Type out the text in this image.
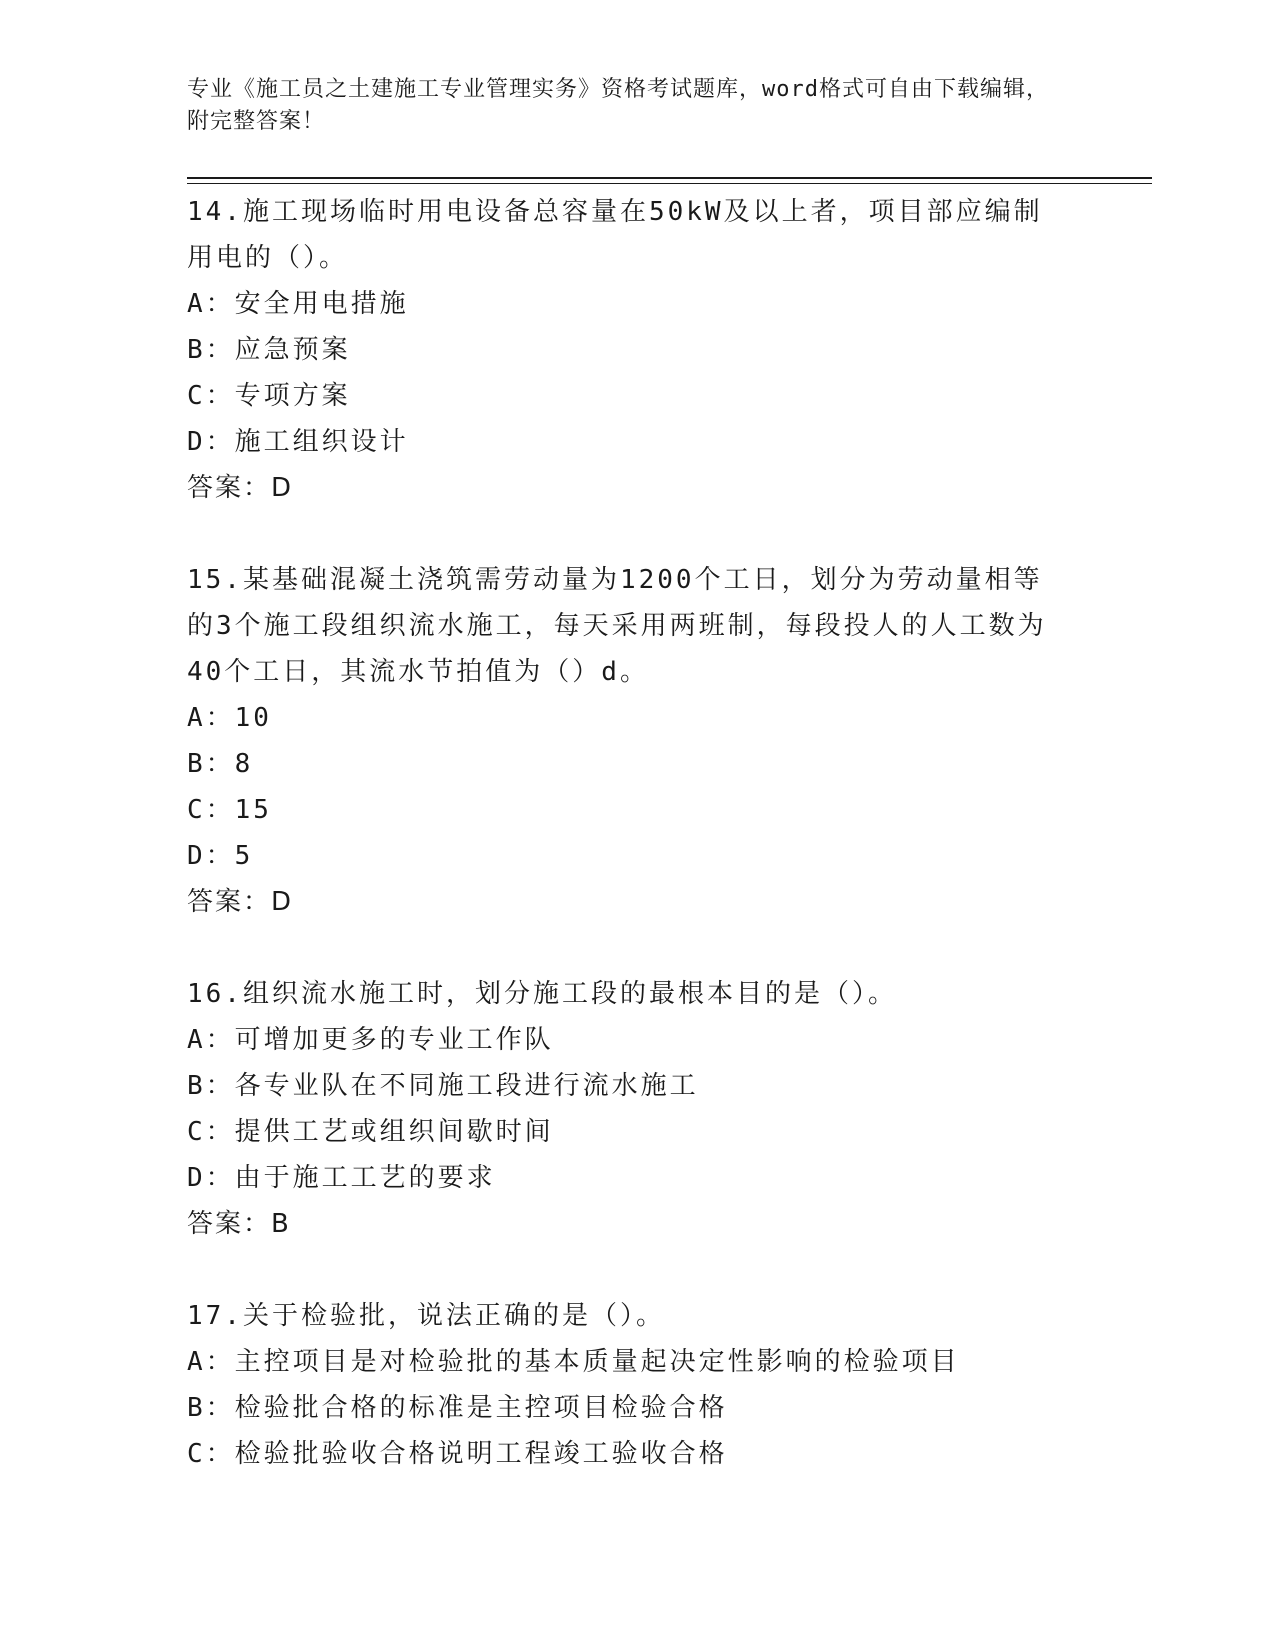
专业《施工员之土建施工专业管理实务》资格考试题库，word格式可自由下载编辑，附完整答案！
14.施工现场临时用电设备总容量在50kW及以上者，项目部应编制用电的（）。
A：安全用电措施
B：应急预案
C：专项方案
D：施工组织设计
答案：D
15.某基础混凝土浇筑需劳动量为1200个工日，划分为劳动量相等的3个施工段组织流水施工，每天采用两班制，每段投人的人工数为40个工日，其流水节拍值为（）d。
A：10
B：8
C：15
D：5
答案：D
16.组织流水施工时，划分施工段的最根本目的是（）。
A：可增加更多的专业工作队
B：各专业队在不同施工段进行流水施工
C：提供工艺或组织间歇时间
D：由于施工工艺的要求
答案：B
17.关于检验批，说法正确的是（）。
A：主控项目是对检验批的基本质量起决定性影响的检验项目
B：检验批合格的标准是主控项目检验合格
C：检验批验收合格说明工程竣工验收合格
